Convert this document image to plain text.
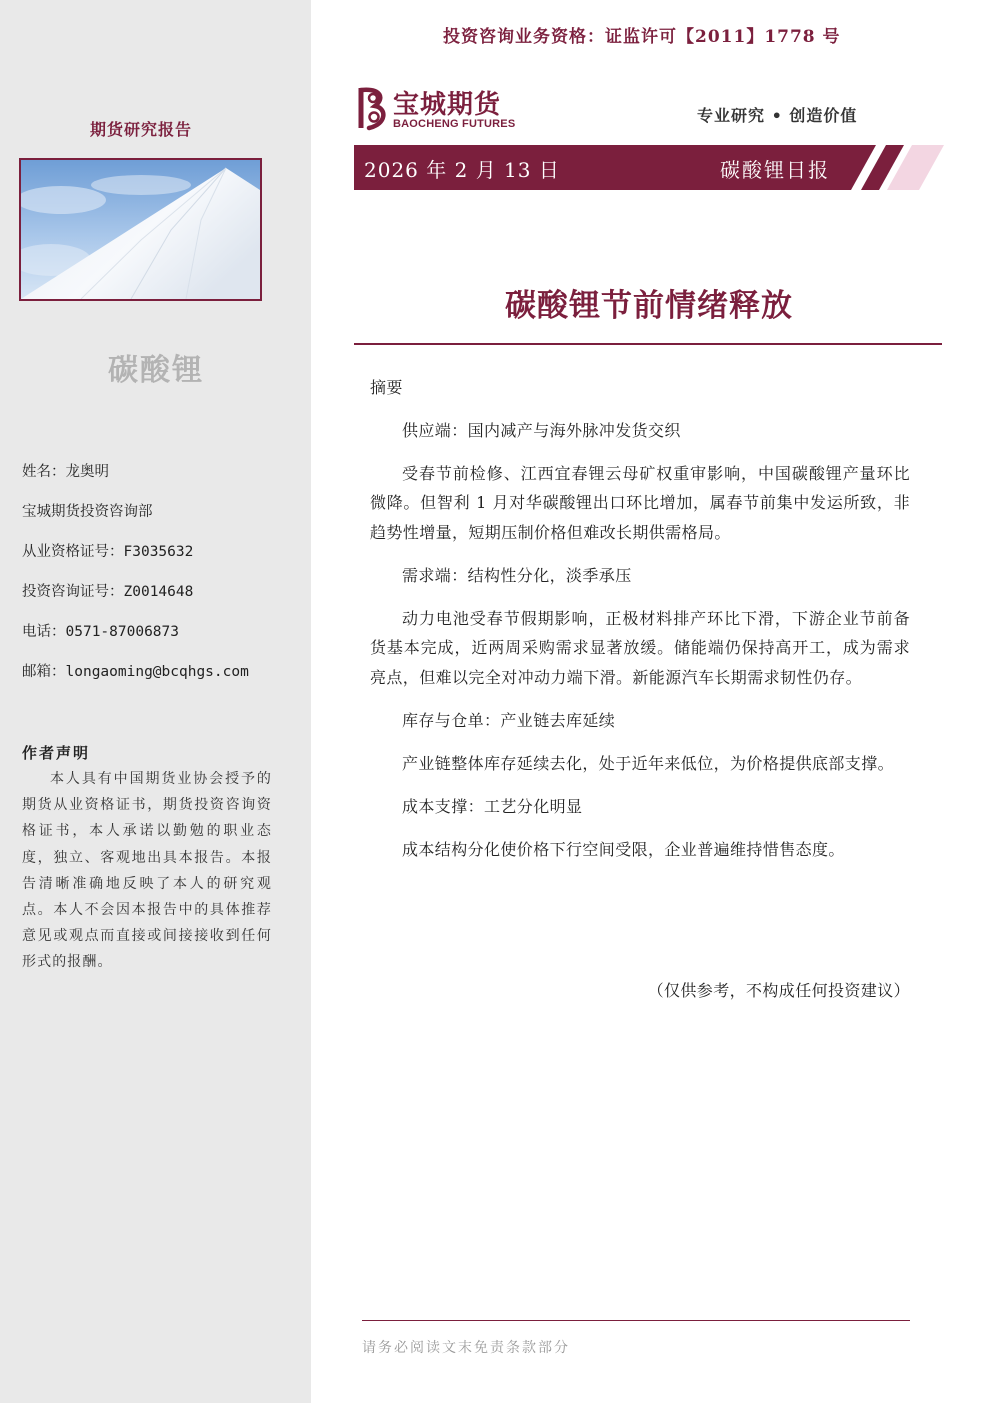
期货研究报告
碳酸锂
姓名：龙奥明
宝城期货投资咨询部
从业资格证号：F3035632
投资咨询证号：Z0014648
电话：0571-87006873
邮箱：longaoming@bcqhgs.com
作者声明
本人具有中国期货业协会授予的期货从业资格证书，期货投资咨询资格证书，本人承诺以勤勉的职业态度，独立、客观地出具本报告。本报告清晰准确地反映了本人的研究观点。本人不会因本报告中的具体推荐意见或观点而直接或间接接收到任何形式的报酬。
投资咨询业务资格：证监许可【2011】1778 号
宝城期货
BAOCHENG FUTURES	专业研究 • 创造价值
2026 年 2 月 13 日	碳酸锂日报
碳酸锂节前情绪释放

摘要

供应端：国内减产与海外脉冲发货交织

受春节前检修、江西宜春锂云母矿权重审影响，中国碳酸锂产量环比微降。但智利 1 月对华碳酸锂出口环比增加，属春节前集中发运所致，非趋势性增量，短期压制价格但难改长期供需格局。

需求端：结构性分化，淡季承压

动力电池受春节假期影响，正极材料排产环比下滑，下游企业节前备货基本完成，近两周采购需求显著放缓。储能端仍保持高开工，成为需求亮点，但难以完全对冲动力端下滑。新能源汽车长期需求韧性仍存。

库存与仓单：产业链去库延续

产业链整体库存延续去化，处于近年来低位，为价格提供底部支撑。

成本支撑：工艺分化明显

成本结构分化使价格下行空间受限，企业普遍维持惜售态度。

（仅供参考，不构成任何投资建议）
请务必阅读文末免责条款部分
